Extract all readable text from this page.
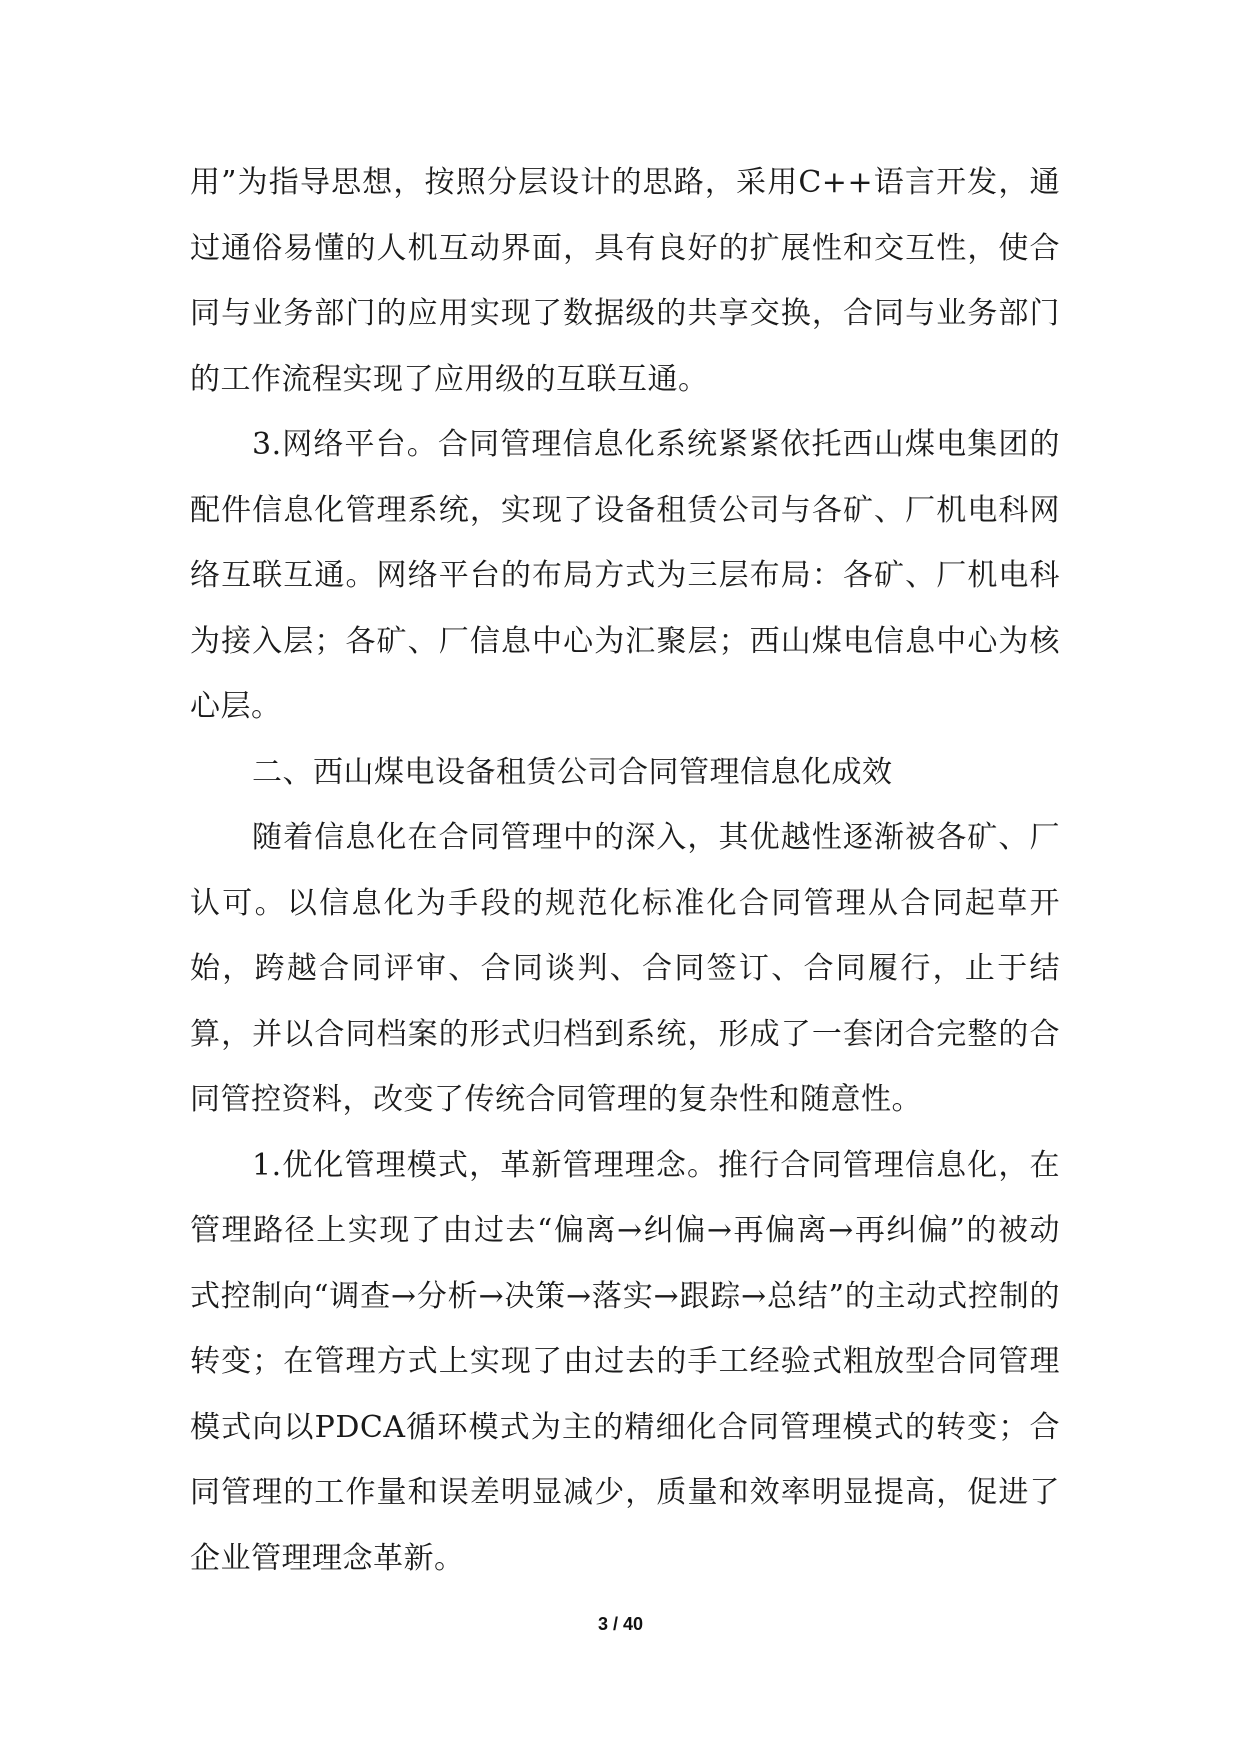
用”为指导思想，按照分层设计的思路，采用C++语言开发，通过通俗易懂的人机互动界面，具有良好的扩展性和交互性，使合同与业务部门的应用实现了数据级的共享交换，合同与业务部门的工作流程实现了应用级的互联互通。

3.网络平台。合同管理信息化系统紧紧依托西山煤电集团的配件信息化管理系统，实现了设备租赁公司与各矿、厂机电科网络互联互通。网络平台的布局方式为三层布局：各矿、厂机电科为接入层；各矿、厂信息中心为汇聚层；西山煤电信息中心为核心层。

二、西山煤电设备租赁公司合同管理信息化成效

随着信息化在合同管理中的深入，其优越性逐渐被各矿、厂认可。以信息化为手段的规范化标准化合同管理从合同起草开始，跨越合同评审、合同谈判、合同签订、合同履行，止于结算，并以合同档案的形式归档到系统，形成了一套闭合完整的合同管控资料，改变了传统合同管理的复杂性和随意性。

1.优化管理模式，革新管理理念。推行合同管理信息化，在管理路径上实现了由过去“偏离→纠偏→再偏离→再纠偏”的被动式控制向“调查→分析→决策→落实→跟踪→总结”的主动式控制的转变；在管理方式上实现了由过去的手工经验式粗放型合同管理模式向以PDCA循环模式为主的精细化合同管理模式的转变；合同管理的工作量和误差明显减少，质量和效率明显提高，促进了企业管理理念革新。

3 / 40
